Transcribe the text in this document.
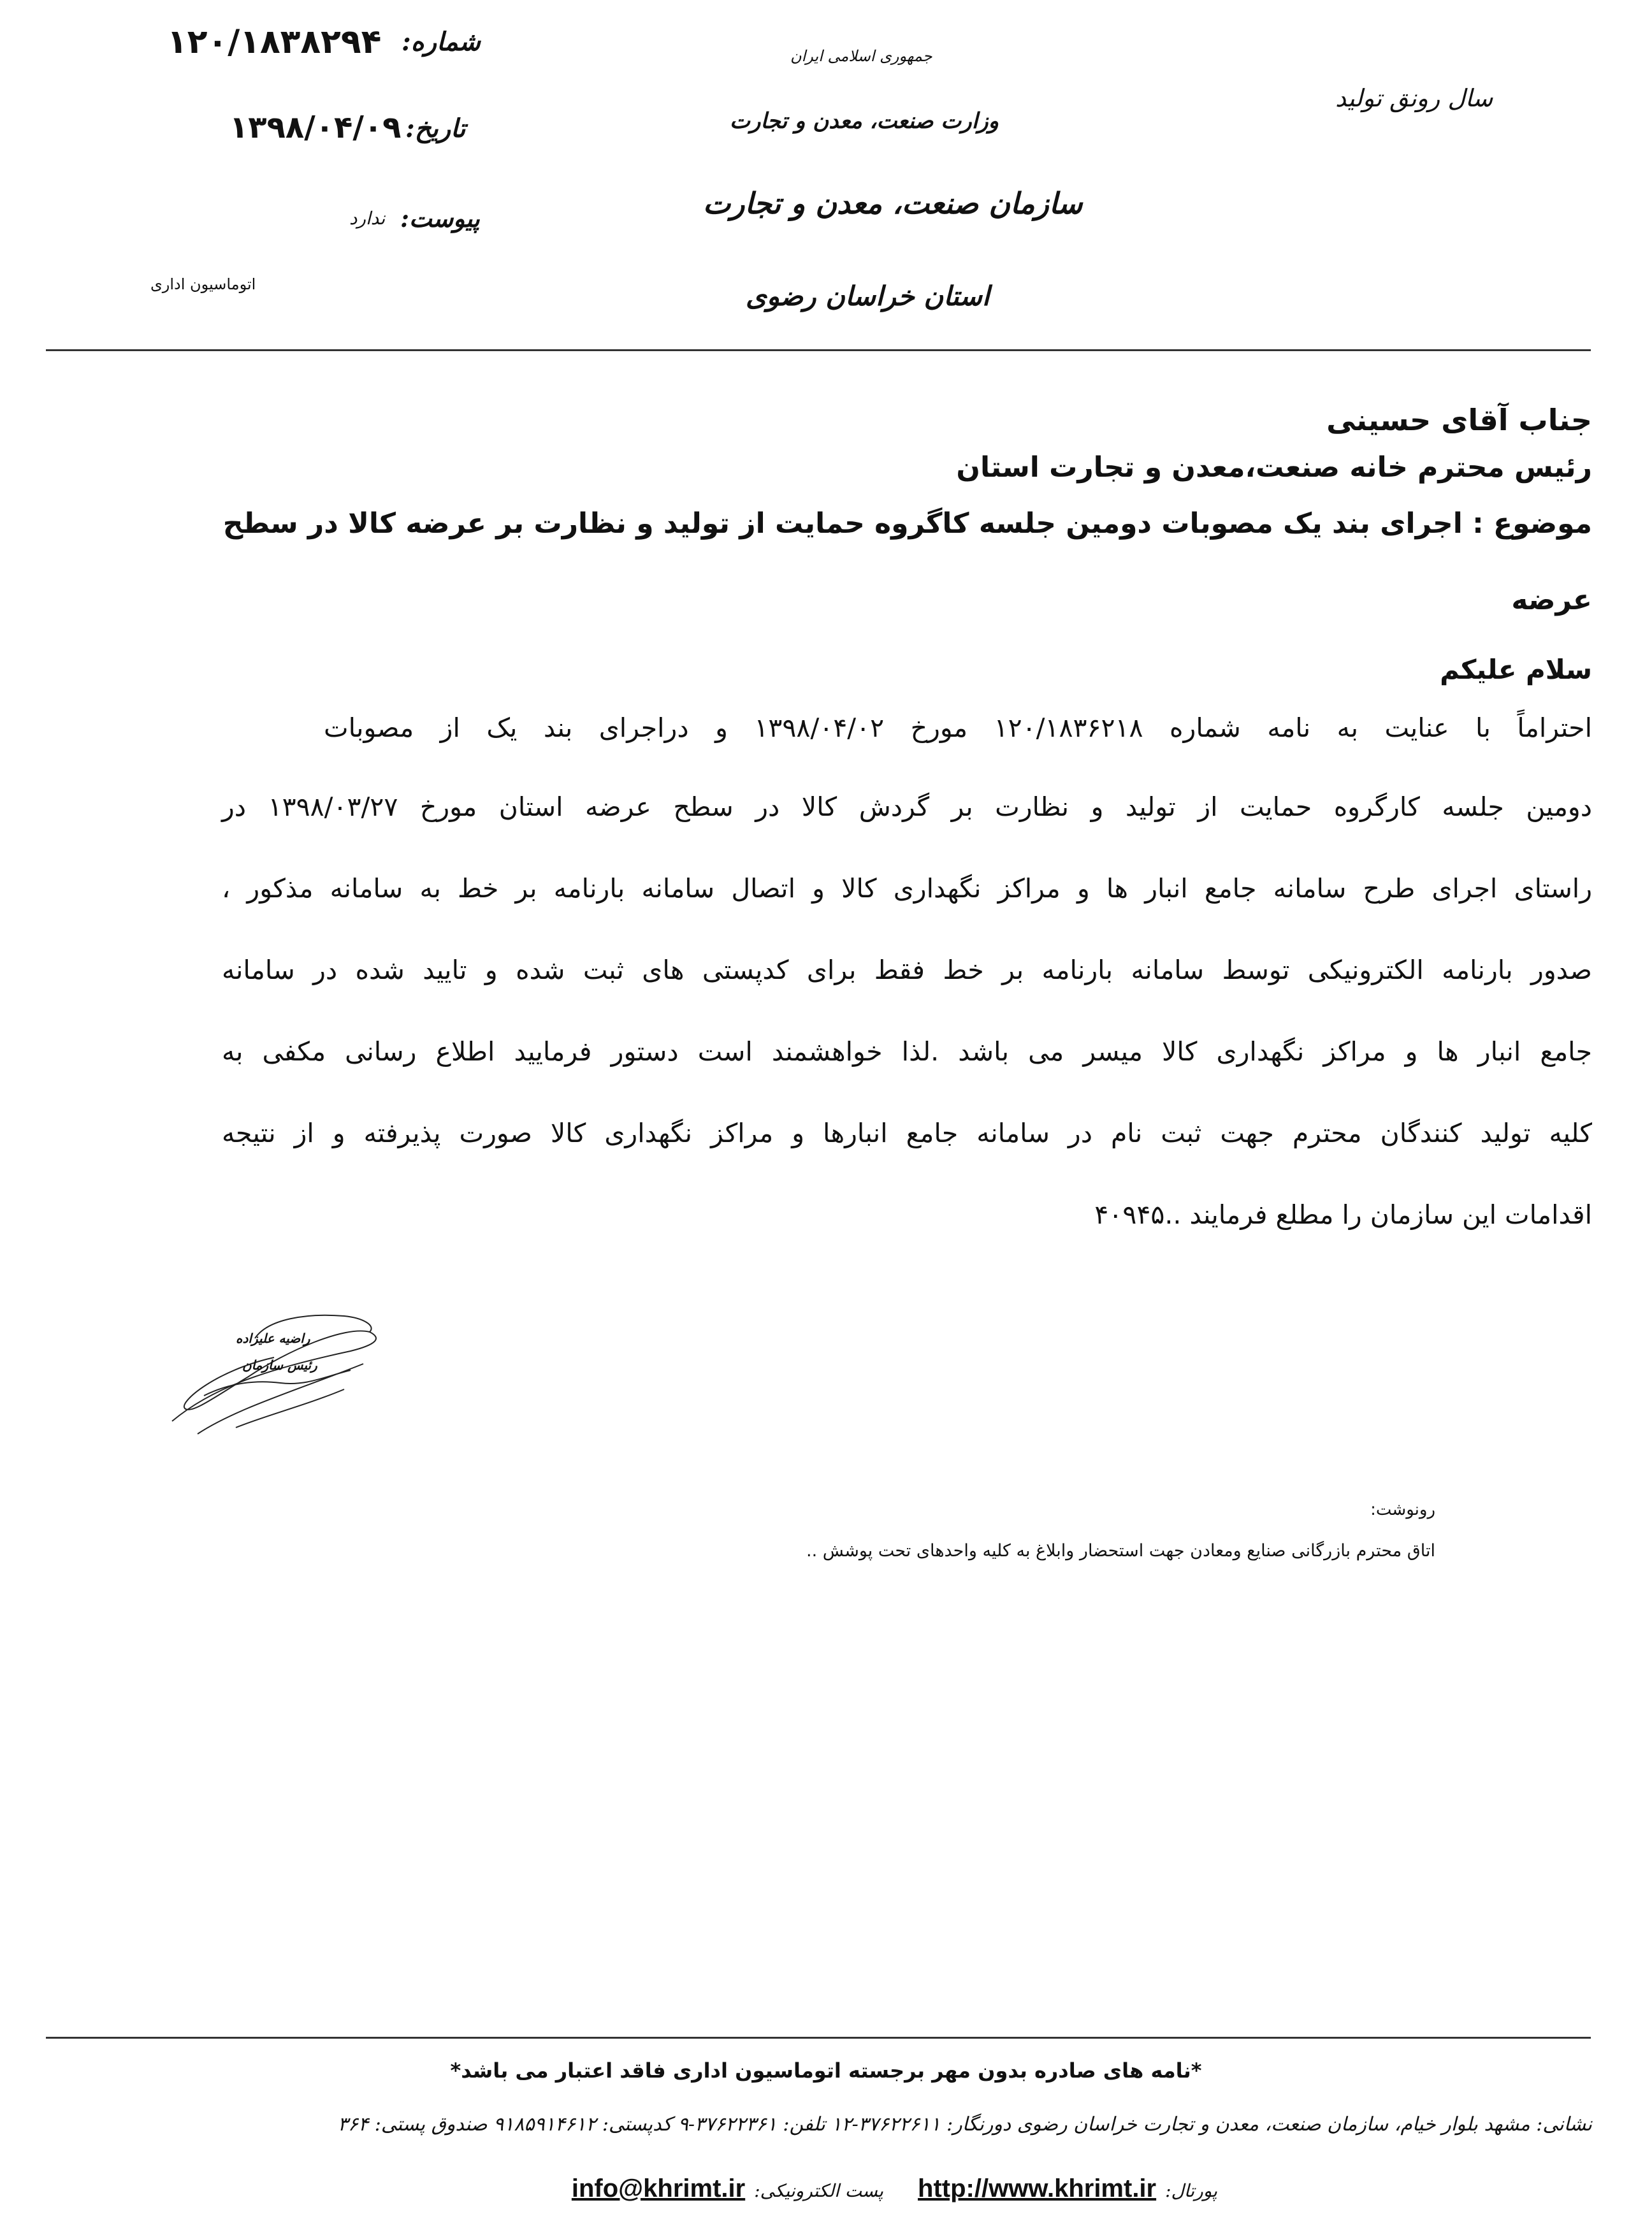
شماره:
۱۲۰/۱۸۳۸۲۹۴
تاریخ:
۱۳۹۸/۰۴/۰۹
پیوست:
ندارد
اتوماسیون اداری
جمهوری اسلامی ایران
وزارت صنعت، معدن و تجارت
سازمان صنعت، معدن و تجارت
استان خراسان رضوی
سال رونق تولید
جناب آقای حسینی
رئیس محترم خانه صنعت،معدن و تجارت استان
موضوع : اجرای بند یک مصوبات دومین جلسه کاگروه حمایت از تولید و نظارت بر عرضه کالا در سطح
عرضه
سلام علیکم
احتراماً با عنایت به نامه شماره ۱۲۰/۱۸۳۶۲۱۸ مورخ ۱۳۹۸/۰۴/۰۲ و دراجرای بند یک از مصوبات
دومین جلسه کارگروه حمایت از تولید و نظارت بر گردش کالا در سطح عرضه استان مورخ ۱۳۹۸/۰۳/۲۷ در
راستای اجرای طرح سامانه جامع انبار ها و مراکز نگهداری کالا و اتصال سامانه بارنامه بر خط به سامانه مذکور ،
صدور بارنامه الکترونیکی توسط سامانه بارنامه بر خط فقط برای کدپستی های ثبت شده و تایید شده در سامانه
جامع انبار ها و مراکز نگهداری کالا میسر می باشد .لذا خواهشمند است دستور فرمایید اطلاع رسانی مکفی به
کلیه تولید کنندگان محترم جهت ثبت نام در سامانه جامع انبارها و مراکز نگهداری کالا صورت پذیرفته و از نتیجه
اقدامات این سازمان را مطلع فرمایند ..۴۰۹۴۵
راضیه علیزاده
رئیس سازمان
رونوشت:
اتاق محترم بازرگانی صنایع ومعادن جهت استحضار وابلاغ به کلیه واحدهای تحت پوشش ..
*نامه های صادره بدون مهر برجسته اتوماسیون اداری فاقد اعتبار می باشد*
نشانی: مشهد بلوار خیام، سازمان صنعت، معدن و تجارت خراسان رضوی دورنگار: ۳۷۶۲۲۶۱۱-۱۲ تلفن: ۳۷۶۲۲۳۶۱-۹ کدپستی: ۹۱۸۵۹۱۴۶۱۲ صندوق پستی: ۳۶۴
پورتال:
http://www.khrimt.ir
پست الکترونیکی:
info@khrimt.ir
